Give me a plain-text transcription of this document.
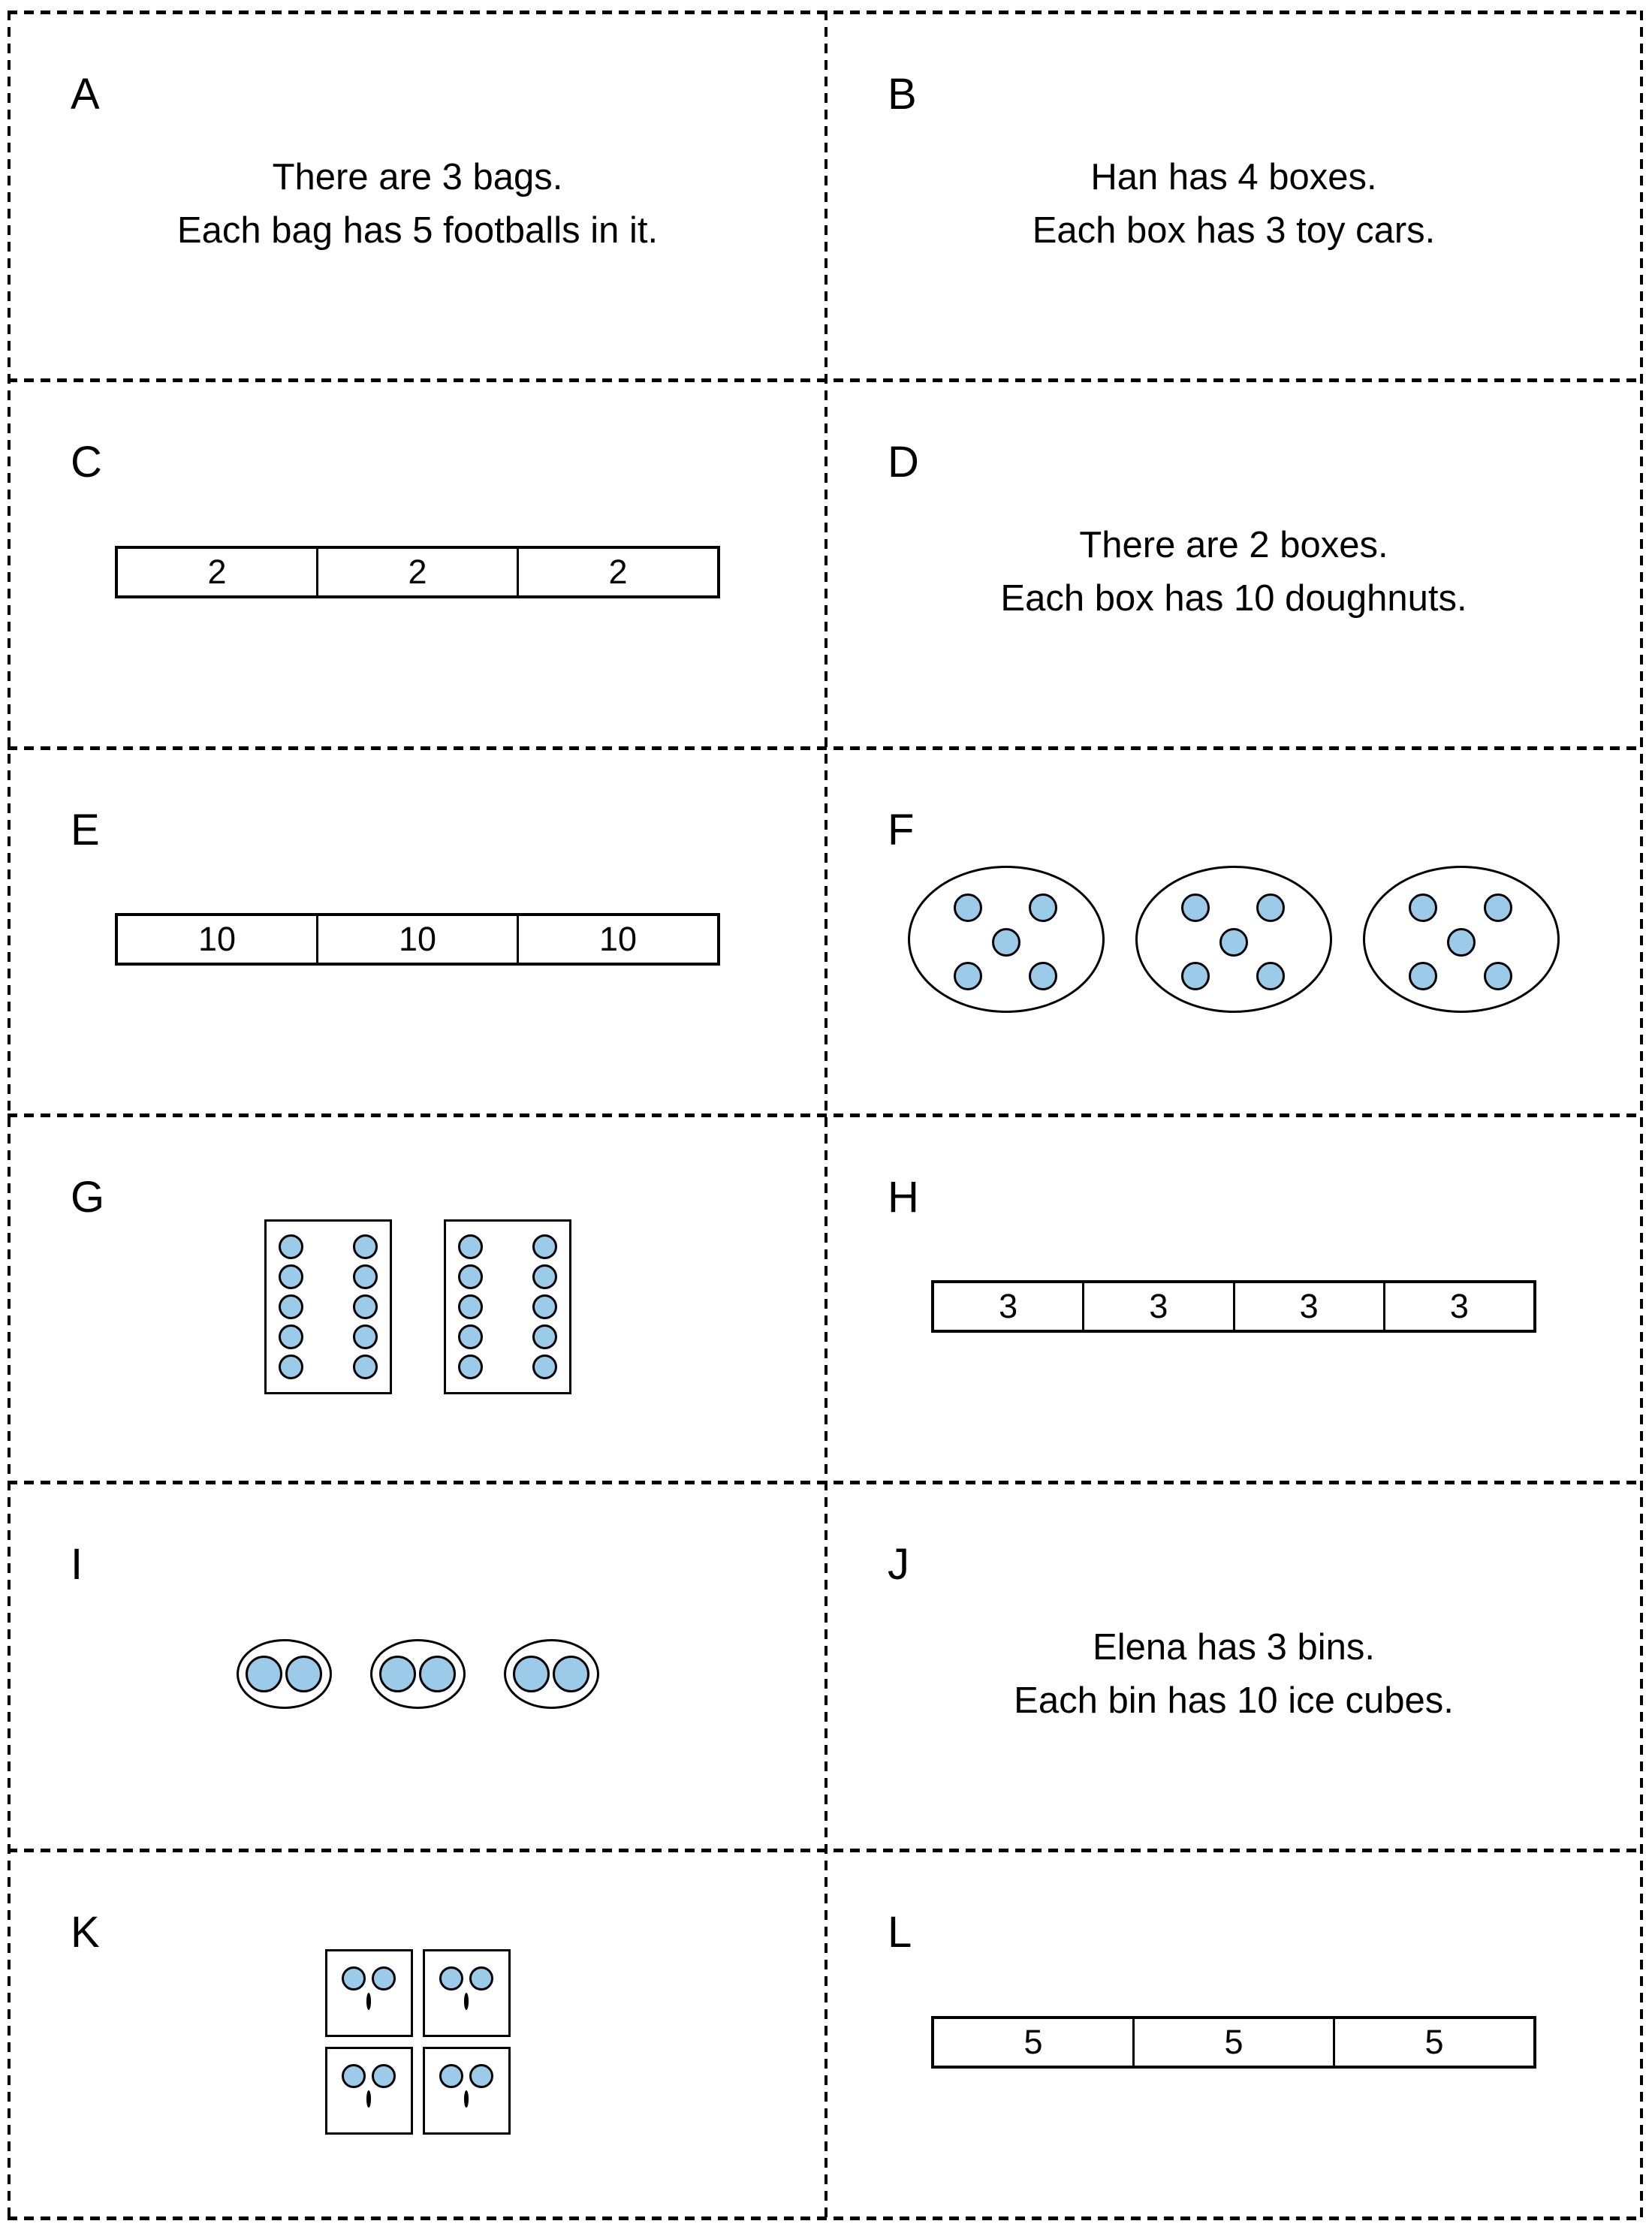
A
There are 3 bags.
Each bag has 5 footballs in it.
B
Han has 4 boxes.
Each box has 3 toy cars.
C
2	2	2
D
There are 2 boxes.
Each box has 10 doughnuts.
E
10	10	10
F
G	H
3	3	3	3
I	J
Elena has 3 bins.
Each bin has 10 ice cubes.
K	L
5	5	5
